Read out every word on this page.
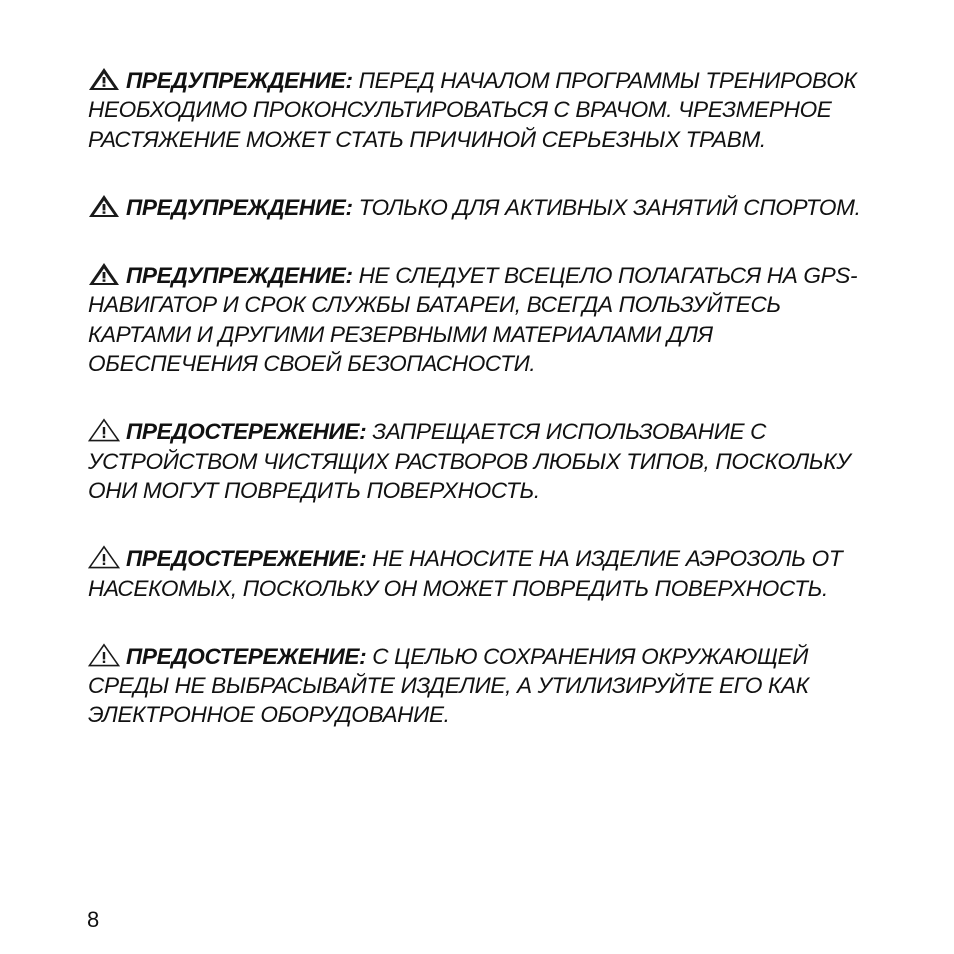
ПРЕДУПРЕЖДЕНИЕ: ПЕРЕД НАЧАЛОМ ПРОГРАММЫ ТРЕНИРОВОК НЕОБХОДИМО ПРОКОНСУЛЬТИРОВАТЬСЯ С ВРАЧОМ. ЧРЕЗМЕРНОЕ РАСТЯЖЕНИЕ МОЖЕТ СТАТЬ ПРИЧИНОЙ СЕРЬЕЗНЫХ ТРАВМ.

ПРЕДУПРЕЖДЕНИЕ: ТОЛЬКО ДЛЯ АКТИВНЫХ ЗАНЯТИЙ СПОРТОМ.

ПРЕДУПРЕЖДЕНИЕ: НЕ СЛЕДУЕТ ВСЕЦЕЛО ПОЛАГАТЬСЯ НА GPS-НАВИГАТОР И СРОК СЛУЖБЫ БАТАРЕИ, ВСЕГДА ПОЛЬЗУЙТЕСЬ КАРТАМИ И ДРУГИМИ РЕЗЕРВНЫМИ МАТЕРИАЛАМИ ДЛЯ ОБЕСПЕЧЕНИЯ СВОЕЙ БЕЗОПАСНОСТИ.

ПРЕДОСТЕРЕЖЕНИЕ: ЗАПРЕЩАЕТСЯ ИСПОЛЬЗОВАНИЕ С УСТРОЙСТВОМ ЧИСТЯЩИХ РАСТВОРОВ ЛЮБЫХ ТИПОВ, ПОСКОЛЬКУ ОНИ МОГУТ ПОВРЕДИТЬ ПОВЕРХНОСТЬ.

ПРЕДОСТЕРЕЖЕНИЕ: НЕ НАНОСИТЕ НА ИЗДЕЛИЕ АЭРОЗОЛЬ ОТ НАСЕКОМЫХ, ПОСКОЛЬКУ ОН МОЖЕТ ПОВРЕДИТЬ ПОВЕРХНОСТЬ.

ПРЕДОСТЕРЕЖЕНИЕ: С ЦЕЛЬЮ СОХРАНЕНИЯ ОКРУЖАЮЩЕЙ СРЕДЫ НЕ ВЫБРАСЫВАЙТЕ ИЗДЕЛИЕ, А УТИЛИЗИРУЙТЕ ЕГО КАК ЭЛЕКТРОННОЕ ОБОРУДОВАНИЕ.

8
